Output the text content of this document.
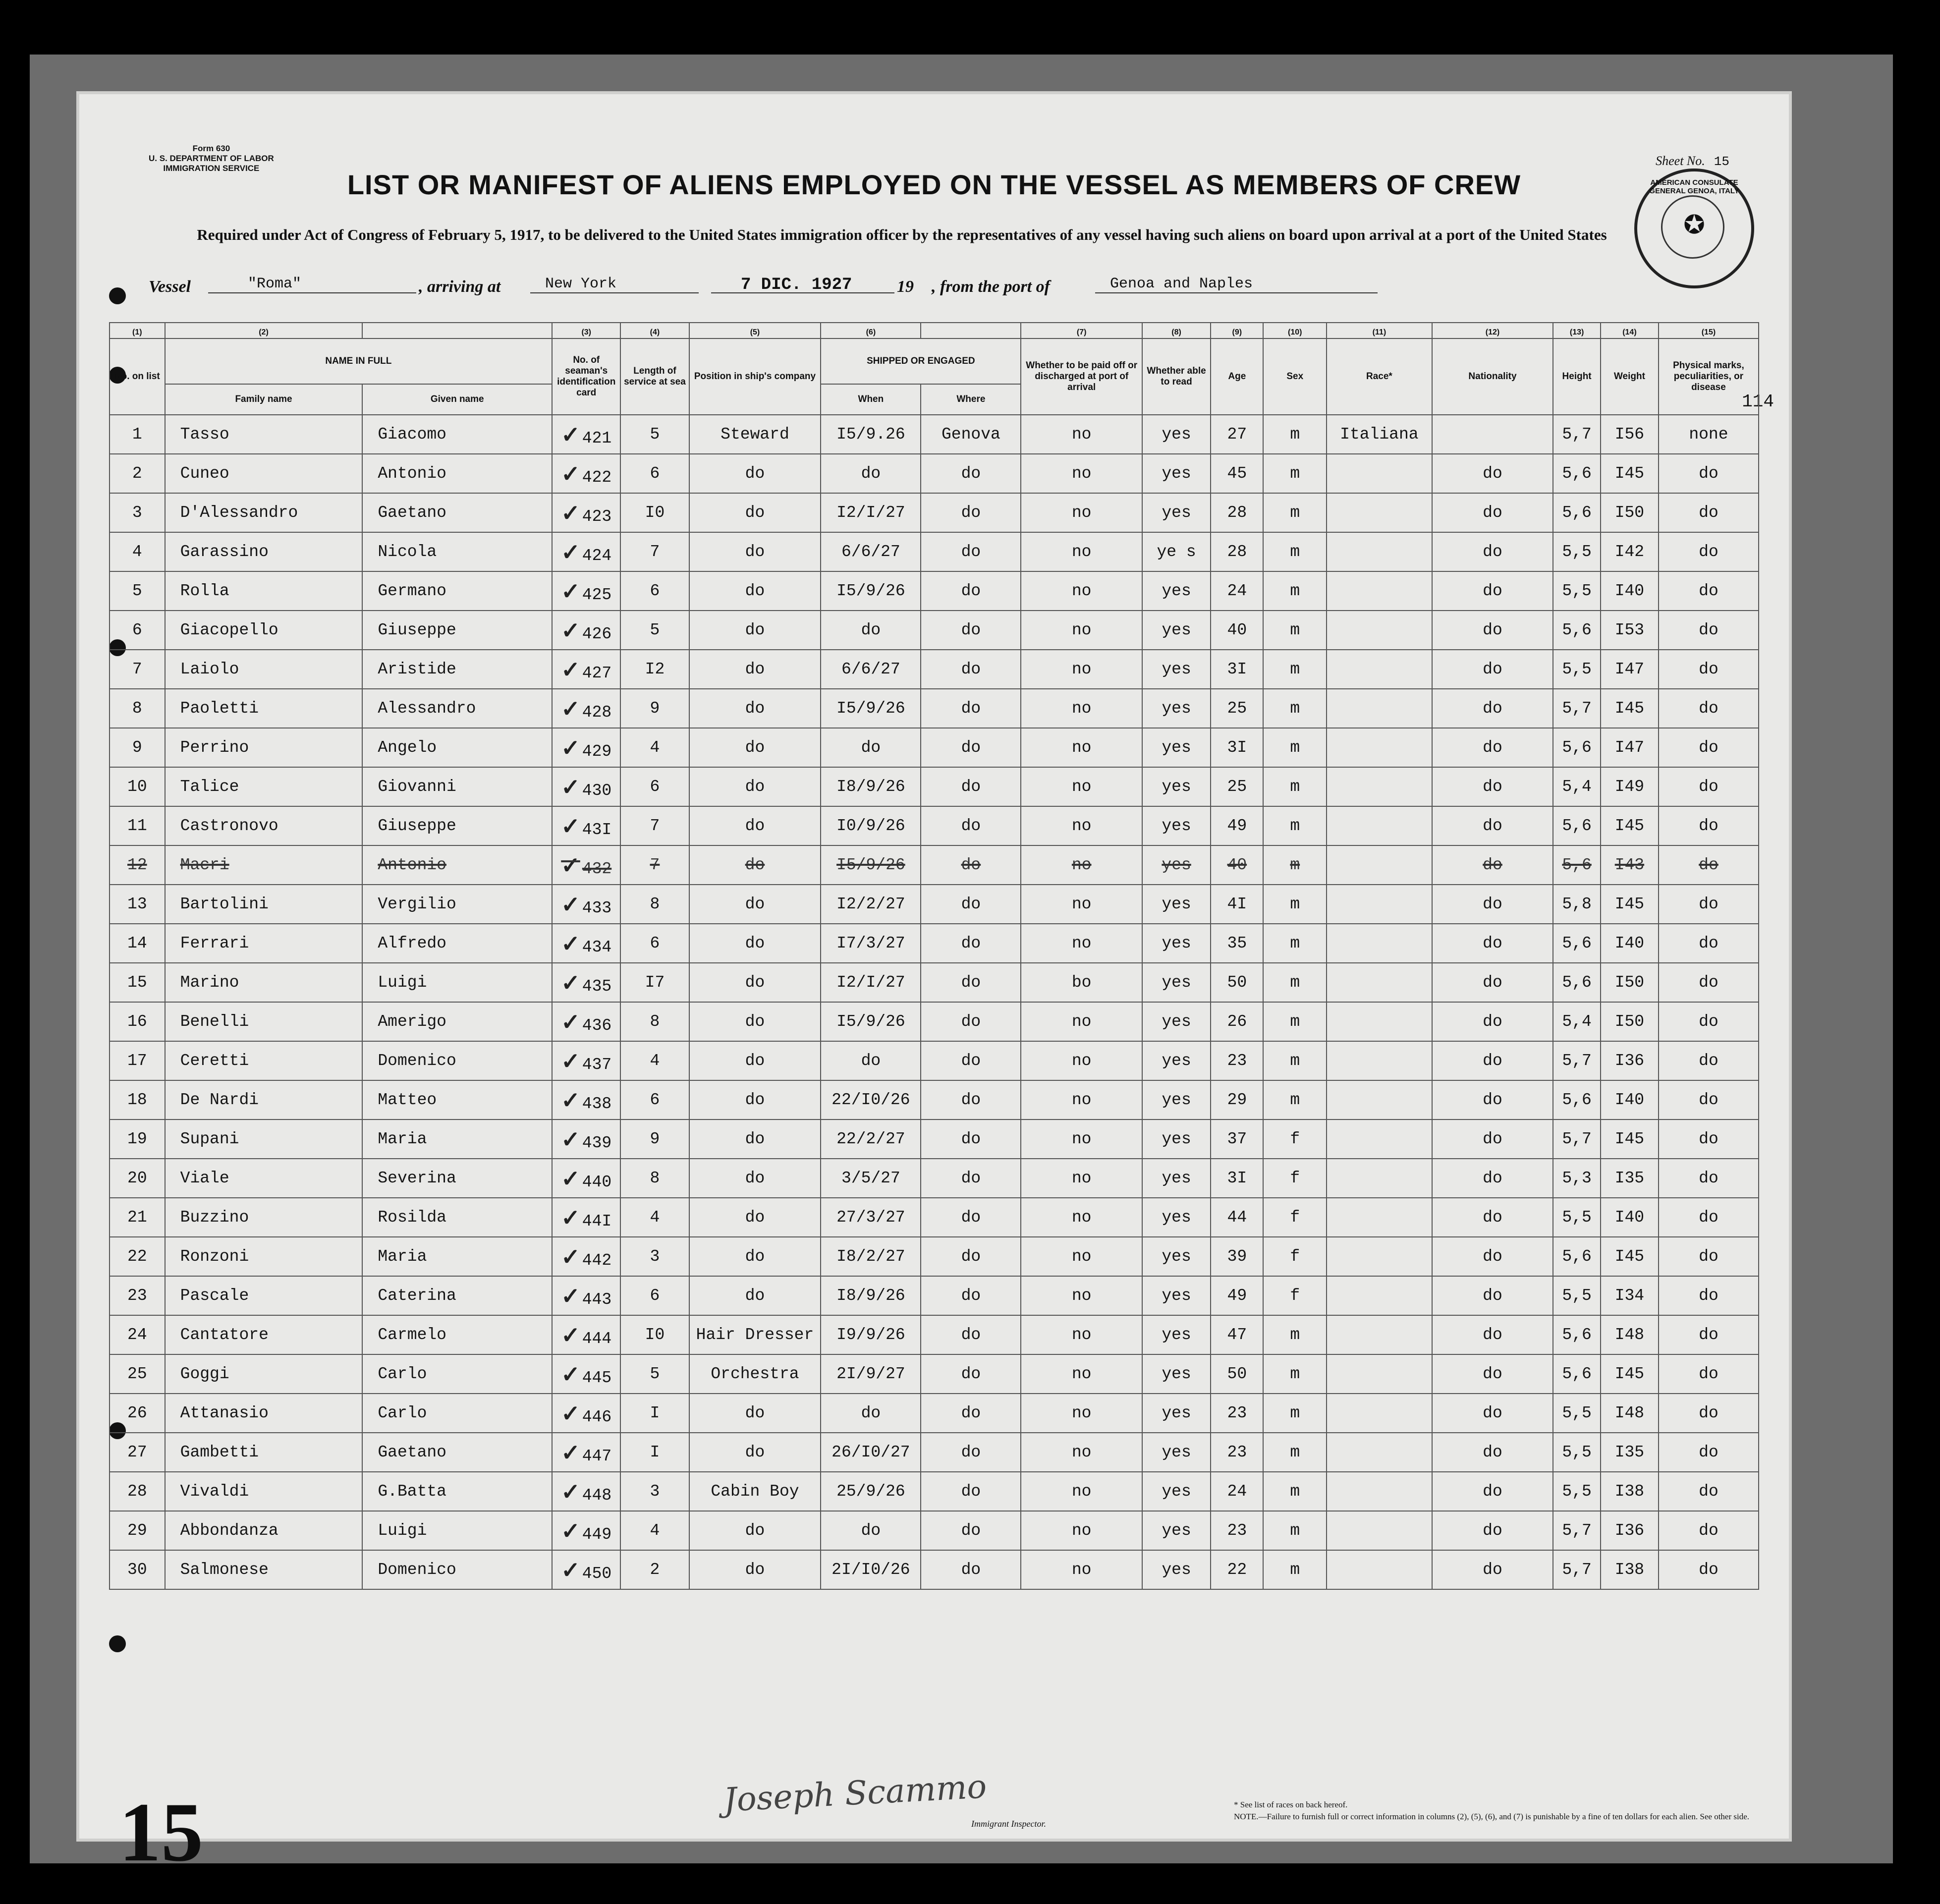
Form 630
U. S. DEPARTMENT OF LABOR
IMMIGRATION SERVICE
Sheet No. 15
LIST OR MANIFEST OF ALIENS EMPLOYED ON THE VESSEL AS MEMBERS OF CREW
Required under Act of Congress of February 5, 1917, to be delivered to the United States immigration officer by the representatives of any vessel having such aliens on board upon arrival at a port of the United States
AMERICAN CONSULATE GENERAL GENOA, ITALY
✪
Vessel	"Roma"	, arriving at	New York	7 DIC. 1927	19 , from the port of	Genoa and Naples
114
(1)	(2)		(3)	(4)	(5)	(6)		(7)	(8)	(9)	(10)	(11)	(12)	(13)	(14)	(15)
No. on list	NAME IN FULL		No. of seaman's identification card	Length of service at sea	Position in ship's company	SHIPPED OR ENGAGED		Whether to be paid off or discharged at port of arrival	Whether able to read	Age	Sex	Race*	Nationality	Height	Weight	Physical marks, peculiarities, or disease
	Family name	Given name				When	Where									
1	Tasso	Giacomo	✓ 421	5	Steward	I5/9.26	Genova	no	yes	27	m	Italiana		5,7	I56	none
2	Cuneo	Antonio	✓ 422	6	do	do	do	no	yes	45	m		do	5,6	I45	do
3	D'Alessandro	Gaetano	✓ 423	I0	do	I2/I/27	do	no	yes	28	m		do	5,6	I50	do
4	Garassino	Nicola	✓ 424	7	do	6/6/27	do	no	ye s	28	m		do	5,5	I42	do
5	Rolla	Germano	✓ 425	6	do	I5/9/26	do	no	yes	24	m		do	5,5	I40	do
6	Giacopello	Giuseppe	✓ 426	5	do	do	do	no	yes	40	m		do	5,6	I53	do
7	Laiolo	Aristide	✓ 427	I2	do	6/6/27	do	no	yes	3I	m		do	5,5	I47	do
8	Paoletti	Alessandro	✓ 428	9	do	I5/9/26	do	no	yes	25	m		do	5,7	I45	do
9	Perrino	Angelo	✓ 429	4	do	do	do	no	yes	3I	m		do	5,6	I47	do
10	Talice	Giovanni	✓ 430	6	do	I8/9/26	do	no	yes	25	m		do	5,4	I49	do
11	Castronovo	Giuseppe	✓ 43I	7	do	I0/9/26	do	no	yes	49	m		do	5,6	I45	do
12	Macri	Antonio	✓ 432	7	do	I5/9/26	do	no	yes	40	m		do	5,6	I43	do
13	Bartolini	Vergilio	✓ 433	8	do	I2/2/27	do	no	yes	4I	m		do	5,8	I45	do
14	Ferrari	Alfredo	✓ 434	6	do	I7/3/27	do	no	yes	35	m		do	5,6	I40	do
15	Marino	Luigi	✓ 435	I7	do	I2/I/27	do	bo	yes	50	m		do	5,6	I50	do
16	Benelli	Amerigo	✓ 436	8	do	I5/9/26	do	no	yes	26	m		do	5,4	I50	do
17	Ceretti	Domenico	✓ 437	4	do	do	do	no	yes	23	m		do	5,7	I36	do
18	De Nardi	Matteo	✓ 438	6	do	22/I0/26	do	no	yes	29	m		do	5,6	I40	do
19	Supani	Maria	✓ 439	9	do	22/2/27	do	no	yes	37	f		do	5,7	I45	do
20	Viale	Severina	✓ 440	8	do	3/5/27	do	no	yes	3I	f		do	5,3	I35	do
21	Buzzino	Rosilda	✓ 44I	4	do	27/3/27	do	no	yes	44	f		do	5,5	I40	do
22	Ronzoni	Maria	✓ 442	3	do	I8/2/27	do	no	yes	39	f		do	5,6	I45	do
23	Pascale	Caterina	✓ 443	6	do	I8/9/26	do	no	yes	49	f		do	5,5	I34	do
24	Cantatore	Carmelo	✓ 444	I0	Hair Dresser	I9/9/26	do	no	yes	47	m		do	5,6	I48	do
25	Goggi	Carlo	✓ 445	5	Orchestra	2I/9/27	do	no	yes	50	m		do	5,6	I45	do
26	Attanasio	Carlo	✓ 446	I	do	do	do	no	yes	23	m		do	5,5	I48	do
27	Gambetti	Gaetano	✓ 447	I	do	26/I0/27	do	no	yes	23	m		do	5,5	I35	do
28	Vivaldi	G.Batta	✓ 448	3	Cabin Boy	25/9/26	do	no	yes	24	m		do	5,5	I38	do
29	Abbondanza	Luigi	✓ 449	4	do	do	do	no	yes	23	m		do	5,7	I36	do
30	Salmonese	Domenico	✓ 450	2	do	2I/I0/26	do	no	yes	22	m		do	5,7	I38	do
15	Joseph Scammo
Immigrant Inspector.
* See list of races on back hereof.
NOTE.—Failure to furnish full or correct information in columns (2), (5), (6), and (7) is punishable by a fine of ten dollars for each alien. See other side.
